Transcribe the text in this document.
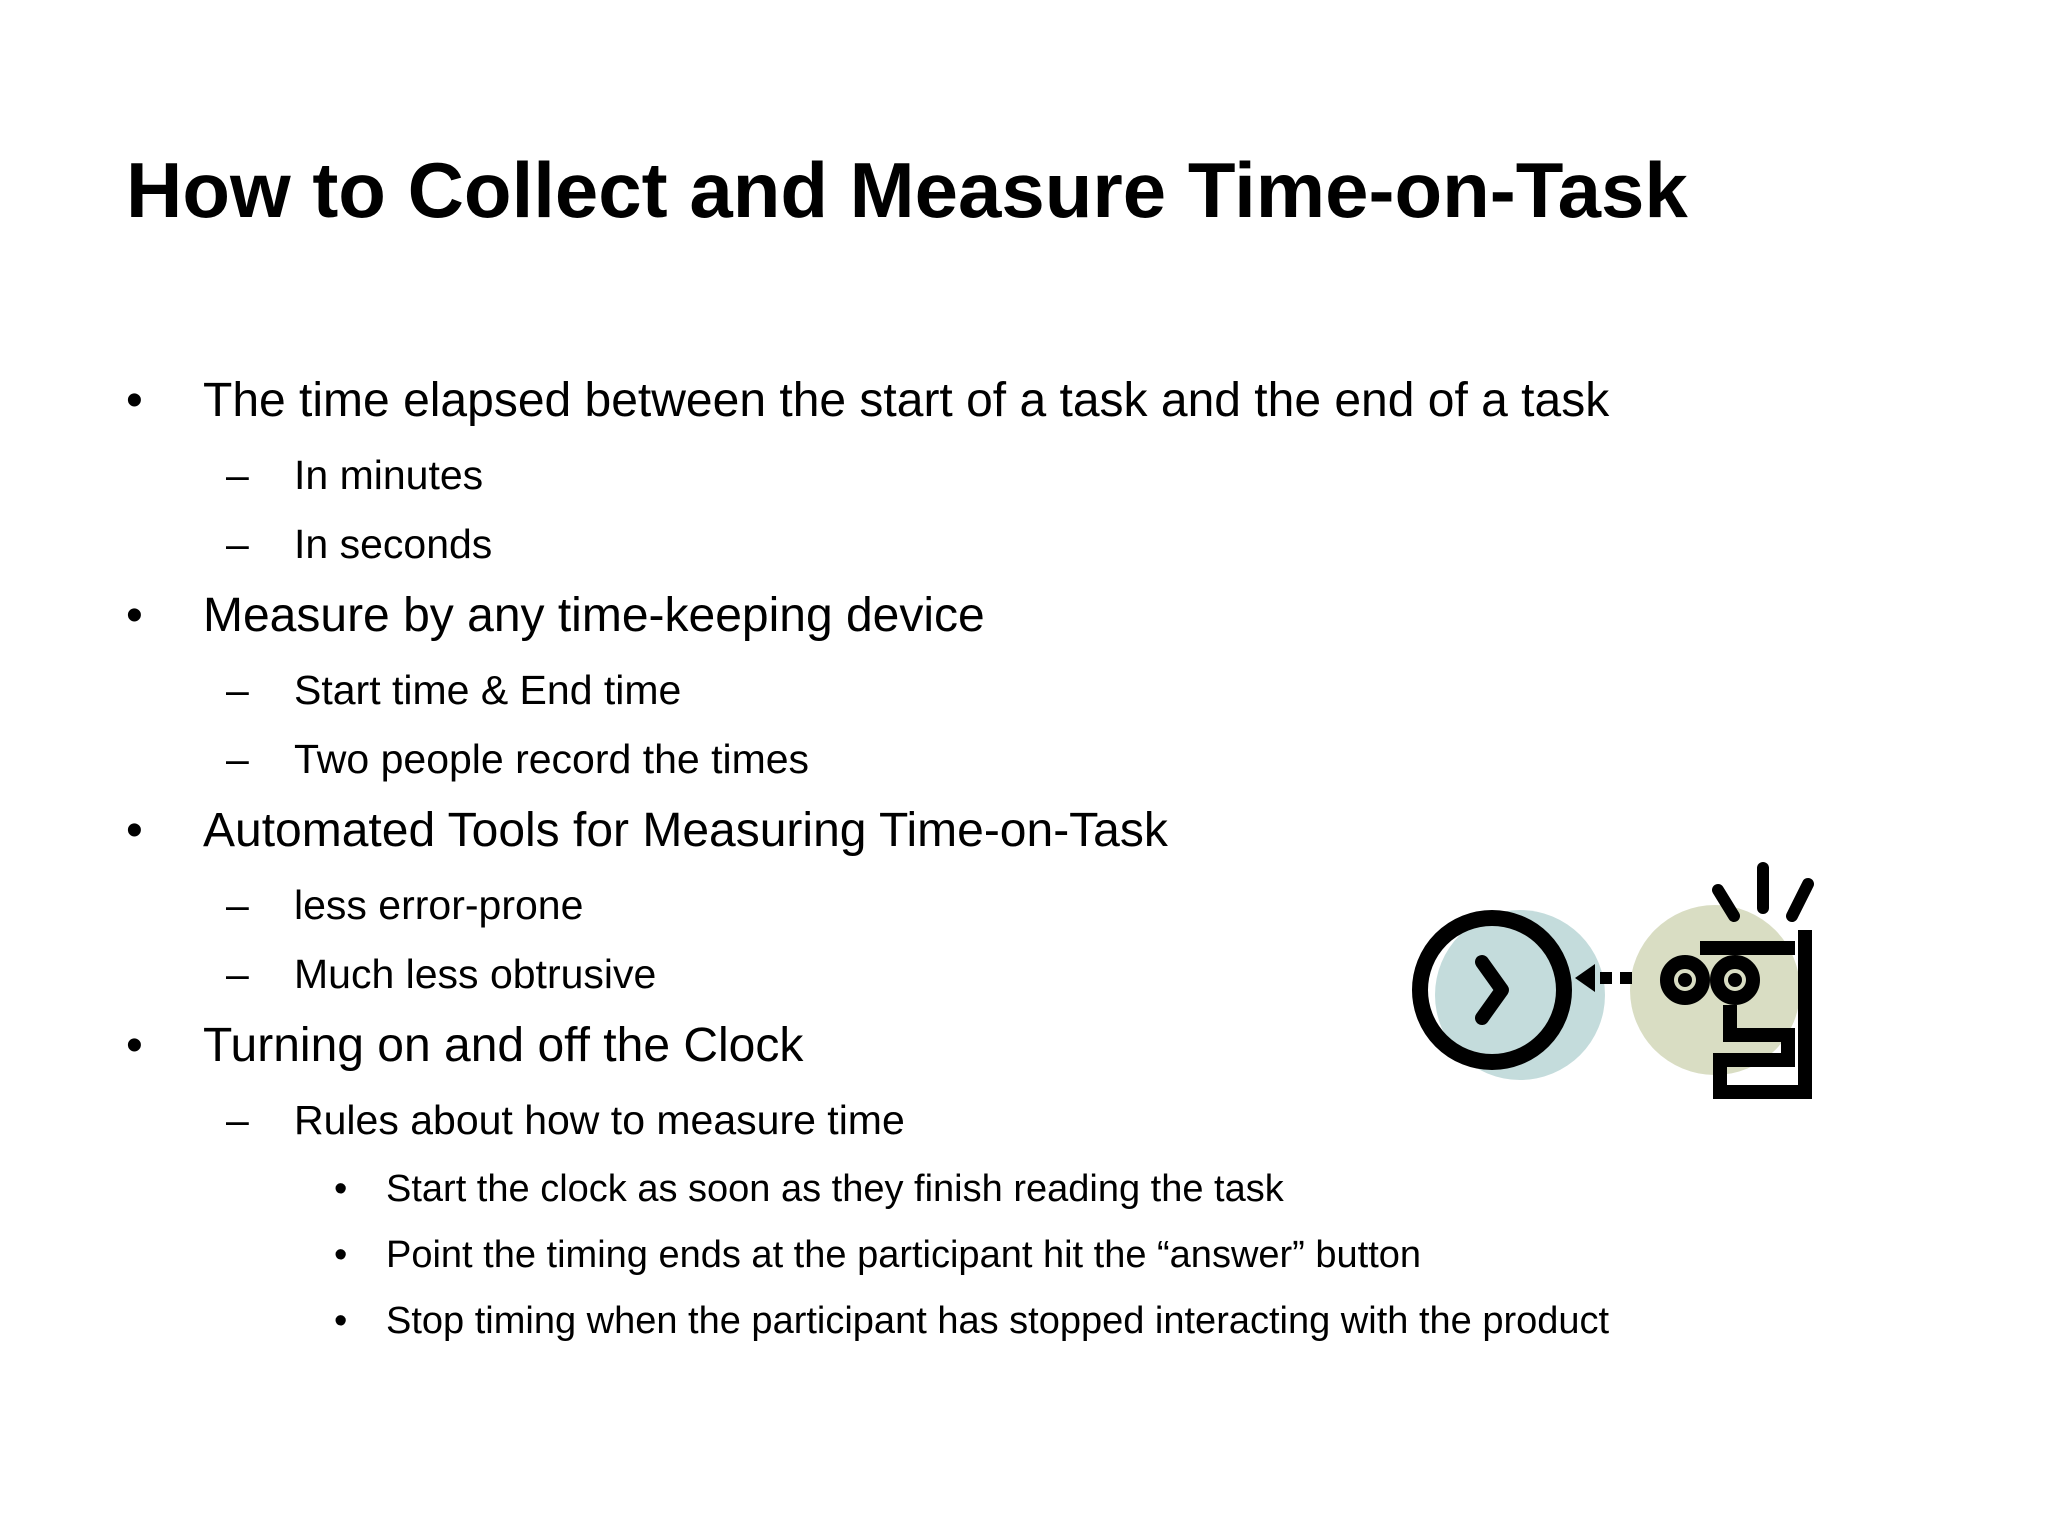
How to Collect and Measure Time-on-Task
• The time elapsed between the start of a task and the end of a task
– In minutes
– In seconds
• Measure by any time-keeping device
– Start time & End time
– Two people record the times
• Automated Tools for Measuring Time-on-Task
– less error-prone
– Much less obtrusive
• Turning on and off the Clock
– Rules about how to measure time
• Start the clock as soon as they finish reading the task
• Point the timing ends at the participant hit the “answer” button
• Stop timing when the participant has stopped interacting with the product
